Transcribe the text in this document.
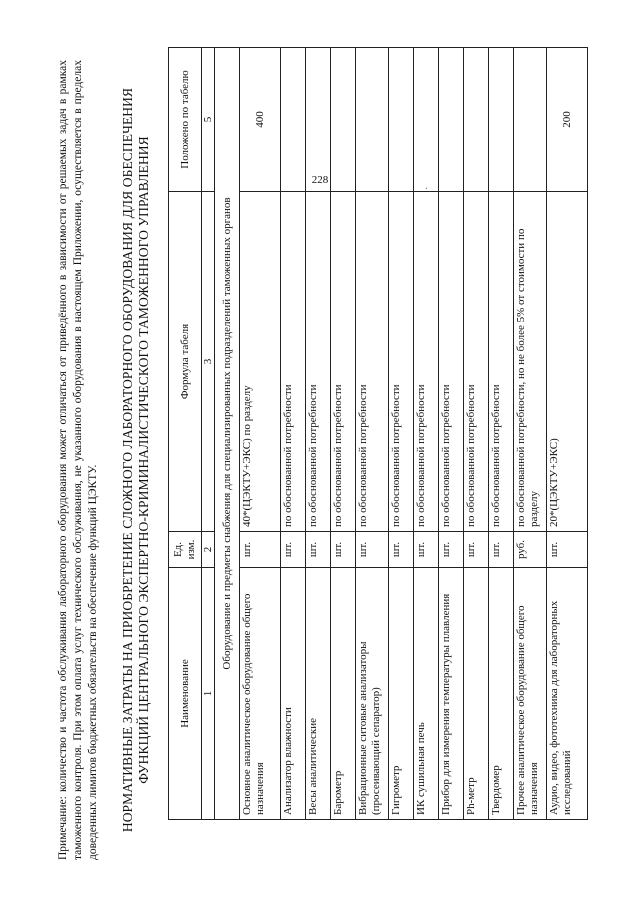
228
Примечание: количество и частота обслуживания лабораторного оборудования может отличаться от приведённого в зависимости от решаемых задач в рамках таможенного контроля. При этом оплата услуг технического обслуживания, не указанного оборудования в настоящем Приложении, осуществляется в пределах доведенных лимитов бюджетных обязательств на обеспечение функций ЦЭКТУ. НОРМАТИВНЫЕ ЗАТРАТЫ НА ПРИОБРЕТЕНИЕ СЛОЖНОГО ЛАБОРАТОРНОГО ОБОРУДОВАНИЯ ДЛЯ ОБЕСПЕЧЕНИЯ ФУНКЦИЙ ЦЕНТРАЛЬНОГО ЭКСПЕРТНО-КРИМИНАЛИСТИЧЕСКОГО ТАМОЖЕННОГО УПРАВЛЕНИЯ	Наименование	Ед. изм.	Формула табеля	Положено по табелю
1	2	3	5
Оборудование и предметы снабжения для специализированных подразделений таможенных органов			
Основное аналитическое оборудование общего назначения	шт.	40*(ЦЭКТУ+ЭКС) по разделу	400
Анализатор влажности	шт.	по обоснованной потребности	
Весы аналитические	шт.	по обоснованной потребности	
Барометр	шт.	по обоснованной потребности	
Вибрационные ситовые анализаторы (просеивающий сепаратор)	шт.	по обоснованной потребности	
Гигрометр	шт.	по обоснованной потребности	
ИК сушильная печь	шт.	по обоснованной потребности	
Прибор для измерения температуры плавления	шт.	по обоснованной потребности	
Ph-метр	шт.	по обоснованной потребности	
Твердомер	шт.	по обоснованной потребности	
Прочее аналитическое оборудование общего назначения	руб.	по обоснованной потребности, но не более 5% от стоимости по разделу	
Аудио, видео, фототехника для лабораторных исследований	шт.	20*(ЦЭКТУ+ЭКС)	200
·
